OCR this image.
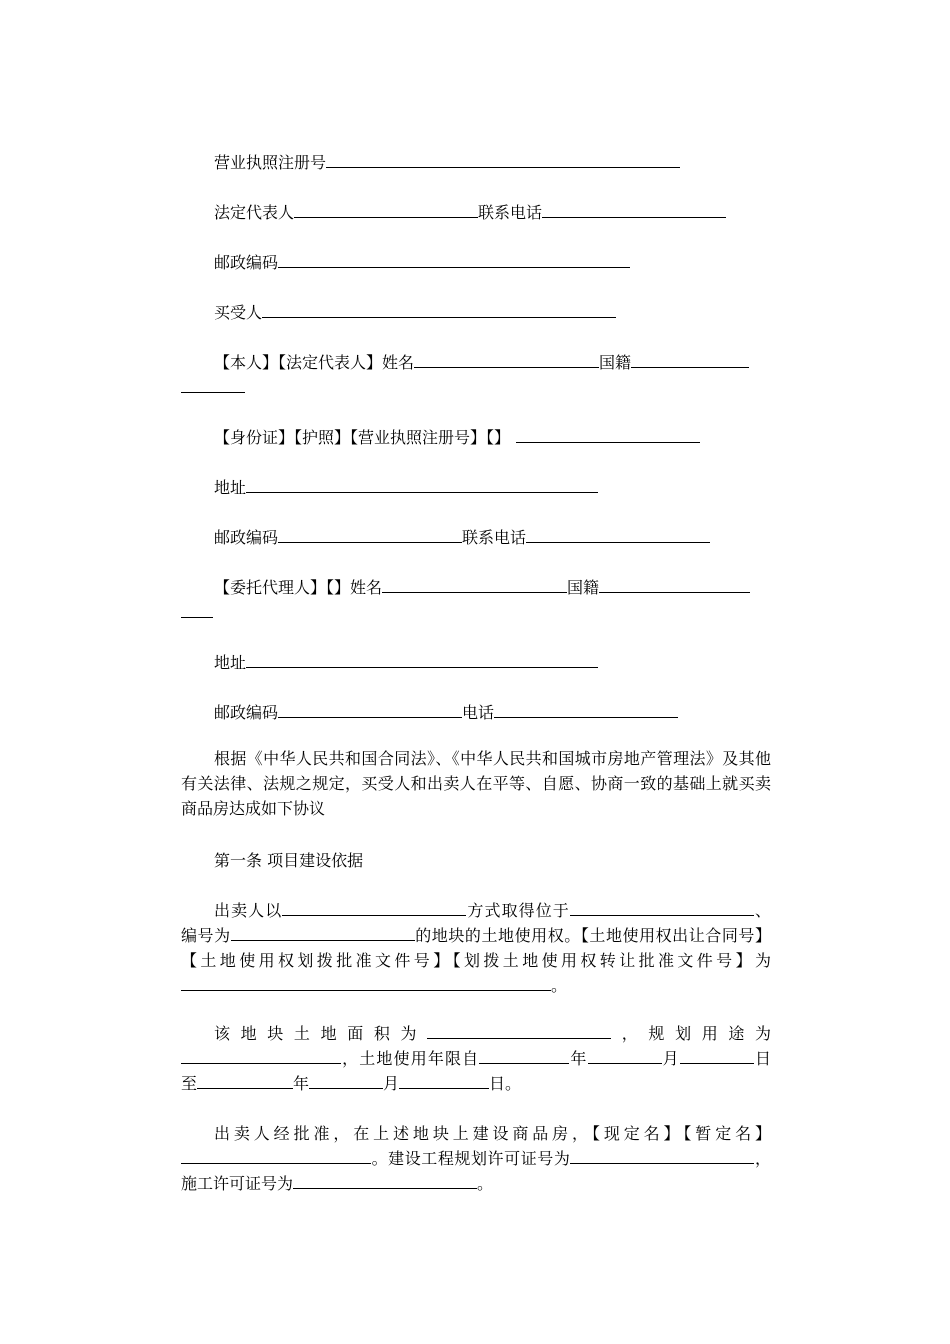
营业执照注册号
法定代表人	联系电话
邮政编码
买受人
【本人】【法定代表人】姓名	国籍
【身份证】【护照】【营业执照注册号】【】
地址
邮政编码	联系电话
【委托代理人】【】姓名	国籍
地址
邮政编码	电话
根据《中华人民共和国合同法》、《中华人民共和国城市房地产管理法》及其他有关法律、法规之规定，买受人和出卖人在平等、自愿、协商一致的基础上就买卖商品房达成如下协议
第一条 项目建设依据
出卖人以	方式取得位于	、编号为	的地块的土地使用权。【土地使用权出让合同号】【土地使用权划拨批准文件号】【划拨土地使用权转让批准文件号】为。
该地块土地面积为	，规划用途为，土地使用年限自	年	月	日至	年	月	日。
出卖人经批准，在上述地块上建设商品房，【现定名】【暂定名】。建设工程规划许可证号为	，施工许可证号为	。
